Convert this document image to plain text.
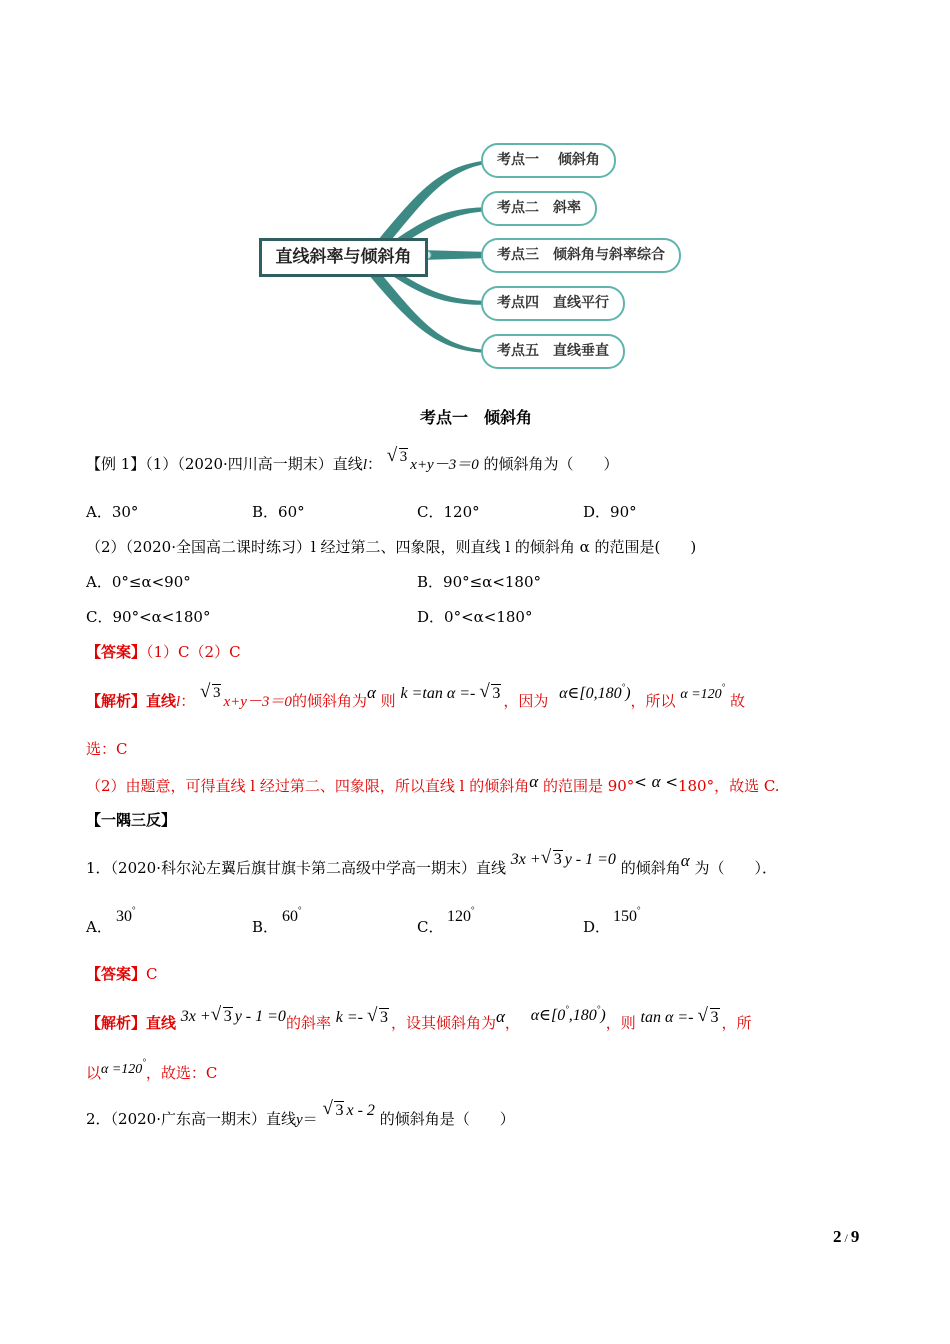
直线斜率与倾斜角
考点一　 倾斜角
考点二　斜率
考点三　倾斜角与斜率综合
考点四　直线平行
考点五　直线垂直
考点一　倾斜角
【例 1】（1）（2020·四川高一期末）直线l： √ 3 x+y－3＝0 的倾斜角为（　　）
A．30°	B．60°	C．120°	D．90°
（2）（2020·全国高二课时练习）l 经过第二、四象限，则直线 l 的倾斜角 α 的范围是(　　)
A．0°≤α<90°	B．90°≤α<180°
C．90°<α<180°	D．0°<α<180°
【答案】（1）C（2）C
【解析】直线l： √ 3x+y－3＝0的倾斜角为α 则 k =tan α =- √ 3 ，因为 α∈[0,180°)，所以 α =120° 故
选：C
（2）由题意，可得直线 l 经过第二、四象限，所以直线 l 的倾斜角α 的范围是 90°< α <180°，故选 C.
【一隅三反】
1．（2020·科尔沁左翼后旗甘旗卡第二高级中学高一期末）直线 3x + √ 3 y - 1 =0 的倾斜角α 为（　　）．
A．
30°
B．
60°
C．
120°
D．
150°
【答案】C
【解析】直线 3x + √ 3 y - 1 =0的斜率 k =- √ 3 ，设其倾斜角为α， α∈[0°,180°)，则 tan α =- √ 3 ，所
以α =120°，故选：C
2．（2020·广东高一期末）直线y＝ √ 3 x - 2 的倾斜角是（　　）
2 / 9
